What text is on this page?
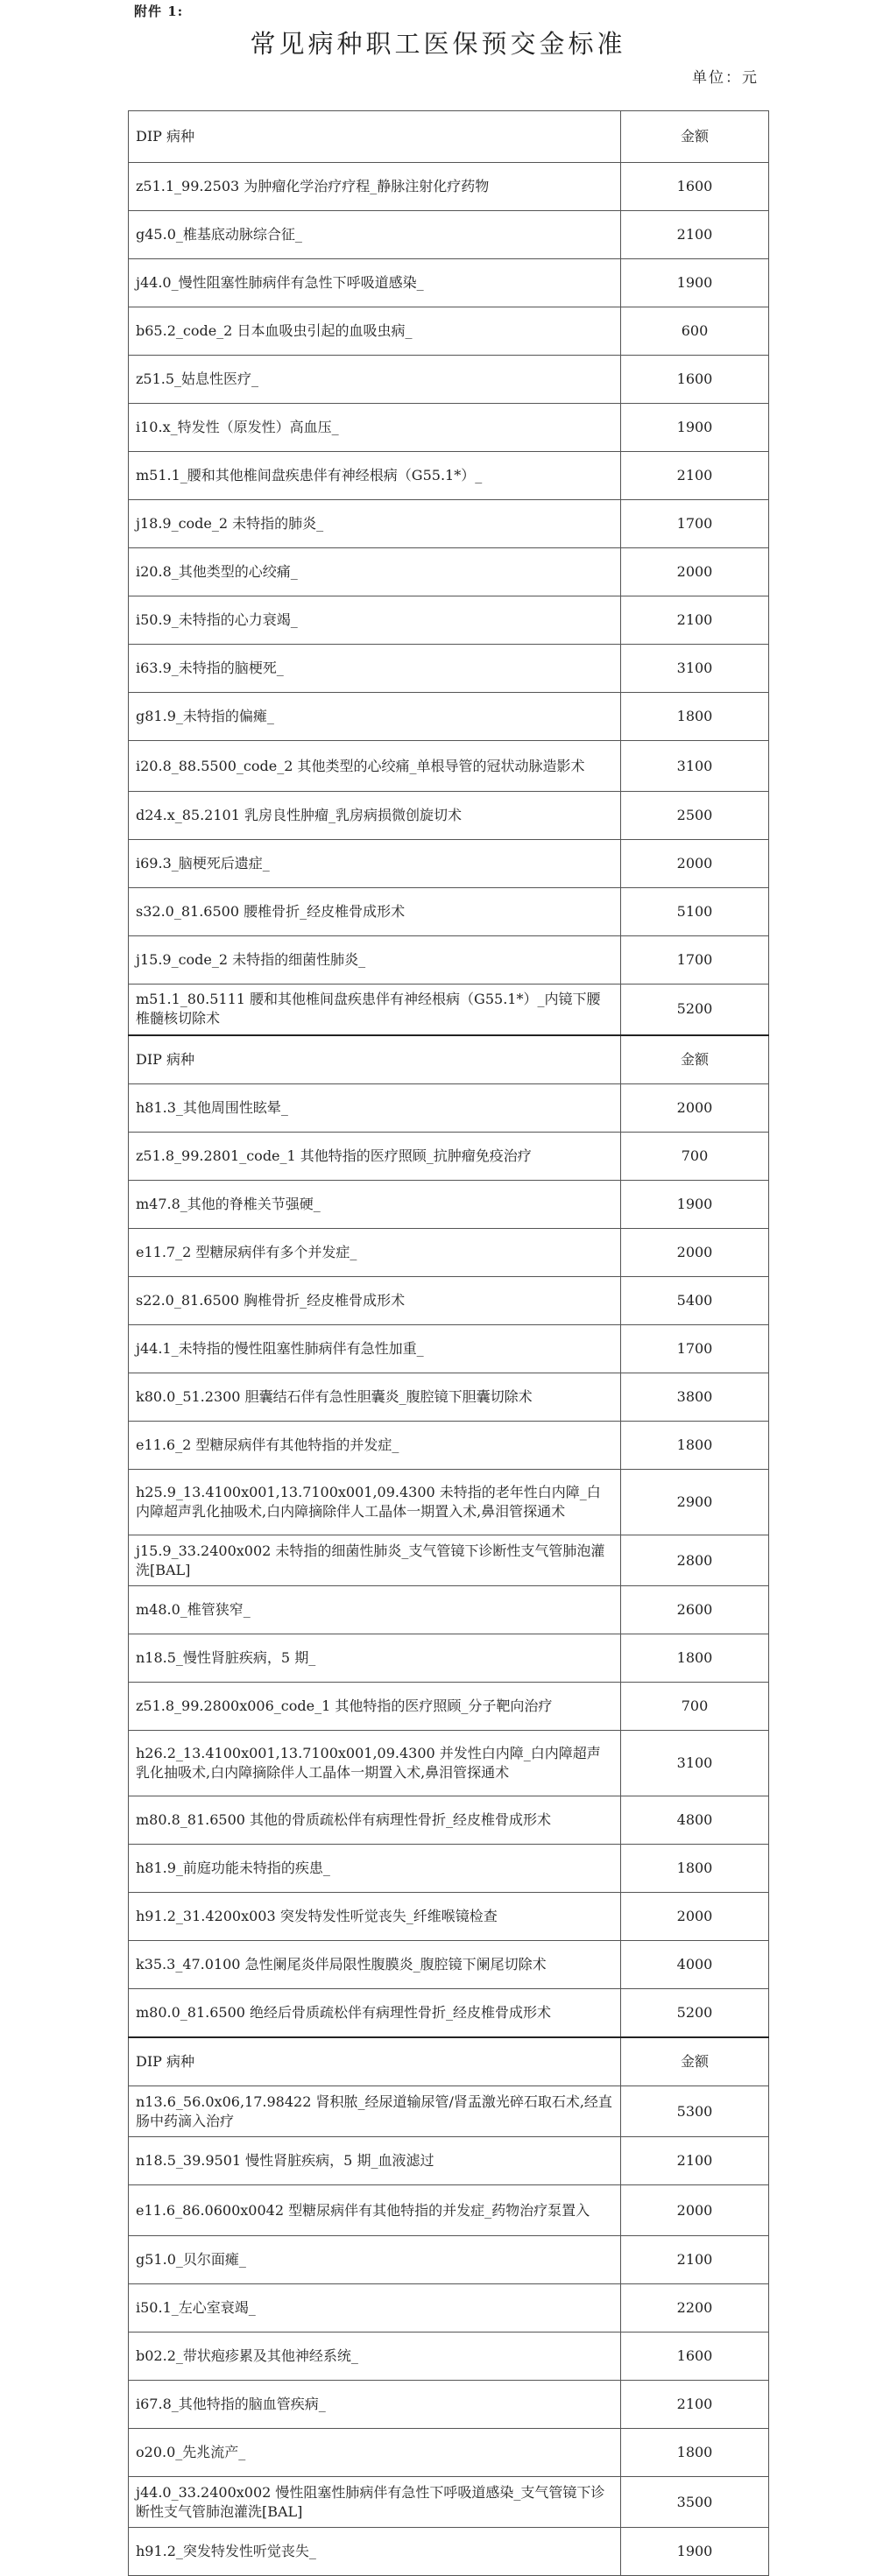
附件 1:
常见病种职工医保预交金标准
单位：元
DIP 病种	金额
z51.1_99.2503 为肿瘤化学治疗疗程_静脉注射化疗药物	1600
g45.0_椎基底动脉综合征_	2100
j44.0_慢性阻塞性肺病伴有急性下呼吸道感染_	1900
b65.2_code_2 日本血吸虫引起的血吸虫病_	600
z51.5_姑息性医疗_	1600
i10.x_特发性（原发性）高血压_	1900
m51.1_腰和其他椎间盘疾患伴有神经根病（G55.1*）_	2100
j18.9_code_2 未特指的肺炎_	1700
i20.8_其他类型的心绞痛_	2000
i50.9_未特指的心力衰竭_	2100
i63.9_未特指的脑梗死_	3100
g81.9_未特指的偏瘫_	1800
i20.8_88.5500_code_2 其他类型的心绞痛_单根导管的冠状动脉造影术	3100
d24.x_85.2101 乳房良性肿瘤_乳房病损微创旋切术	2500
i69.3_脑梗死后遗症_	2000
s32.0_81.6500 腰椎骨折_经皮椎骨成形术	5100
j15.9_code_2 未特指的细菌性肺炎_	1700
m51.1_80.5111 腰和其他椎间盘疾患伴有神经根病（G55.1*）_内镜下腰椎髓核切除术	5200
DIP 病种	金额
h81.3_其他周围性眩晕_	2000
z51.8_99.2801_code_1 其他特指的医疗照顾_抗肿瘤免疫治疗	700
m47.8_其他的脊椎关节强硬_	1900
e11.7_2 型糖尿病伴有多个并发症_	2000
s22.0_81.6500 胸椎骨折_经皮椎骨成形术	5400
j44.1_未特指的慢性阻塞性肺病伴有急性加重_	1700
k80.0_51.2300 胆囊结石伴有急性胆囊炎_腹腔镜下胆囊切除术	3800
e11.6_2 型糖尿病伴有其他特指的并发症_	1800
h25.9_13.4100x001,13.7100x001,09.4300 未特指的老年性白内障_白内障超声乳化抽吸术,白内障摘除伴人工晶体一期置入术,鼻泪管探通术	2900
j15.9_33.2400x002 未特指的细菌性肺炎_支气管镜下诊断性支气管肺泡灌洗[BAL]	2800
m48.0_椎管狭窄_	2600
n18.5_慢性肾脏疾病，5 期_	1800
z51.8_99.2800x006_code_1 其他特指的医疗照顾_分子靶向治疗	700
h26.2_13.4100x001,13.7100x001,09.4300 并发性白内障_白内障超声乳化抽吸术,白内障摘除伴人工晶体一期置入术,鼻泪管探通术	3100
m80.8_81.6500 其他的骨质疏松伴有病理性骨折_经皮椎骨成形术	4800
h81.9_前庭功能未特指的疾患_	1800
h91.2_31.4200x003 突发特发性听觉丧失_纤维喉镜检查	2000
k35.3_47.0100 急性阑尾炎伴局限性腹膜炎_腹腔镜下阑尾切除术	4000
m80.0_81.6500 绝经后骨质疏松伴有病理性骨折_经皮椎骨成形术	5200
DIP 病种	金额
n13.6_56.0x06,17.98422 肾积脓_经尿道输尿管/肾盂激光碎石取石术,经直肠中药滴入治疗	5300
n18.5_39.9501 慢性肾脏疾病，5 期_血液滤过	2100
e11.6_86.0600x0042 型糖尿病伴有其他特指的并发症_药物治疗泵置入	2000
g51.0_贝尔面瘫_	2100
i50.1_左心室衰竭_	2200
b02.2_带状疱疹累及其他神经系统_	1600
i67.8_其他特指的脑血管疾病_	2100
o20.0_先兆流产_	1800
j44.0_33.2400x002 慢性阻塞性肺病伴有急性下呼吸道感染_支气管镜下诊断性支气管肺泡灌洗[BAL]	3500
h91.2_突发特发性听觉丧失_	1900
